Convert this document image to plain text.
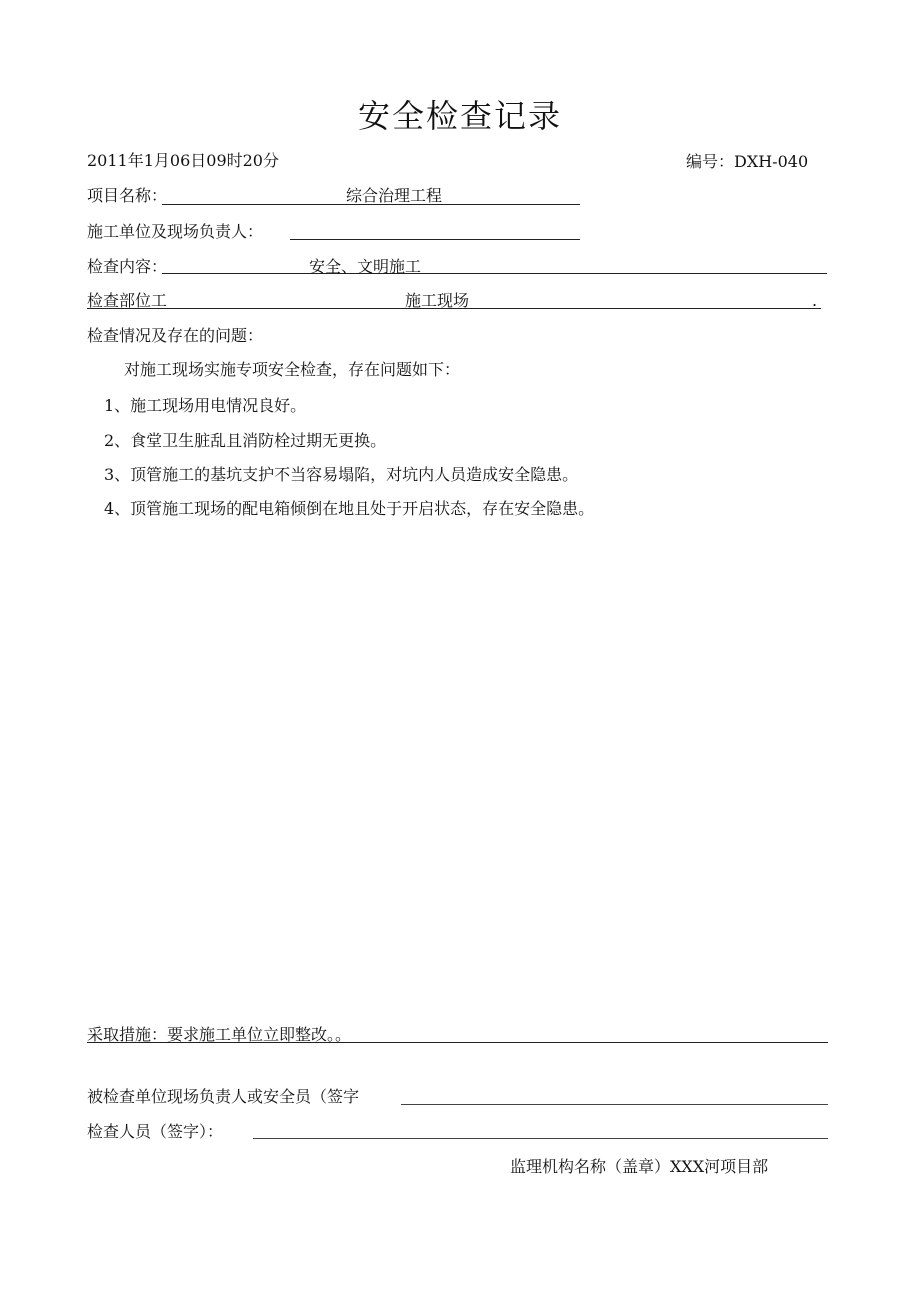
安全检查记录
2011年1月06日09时20分	编号：DXH-040
项目名称：	综合治理工程
施工单位及现场负责人：
检查内容：	安全、文明施工
检查部位工	施工现场	.
检查情况及存在的问题：
对施工现场实施专项安全检查，存在问题如下：
1、施工现场用电情况良好。
2、食堂卫生脏乱且消防栓过期无更换。
3、顶管施工的基坑支护不当容易塌陷，对坑内人员造成安全隐患。
4、顶管施工现场的配电箱倾倒在地且处于开启状态，存在安全隐患。
采取措施：要求施工单位立即整改。。
被检查单位现场负责人或安全员（签字
检查人员（签字）：
监理机构名称（盖章）XXX河项目部
